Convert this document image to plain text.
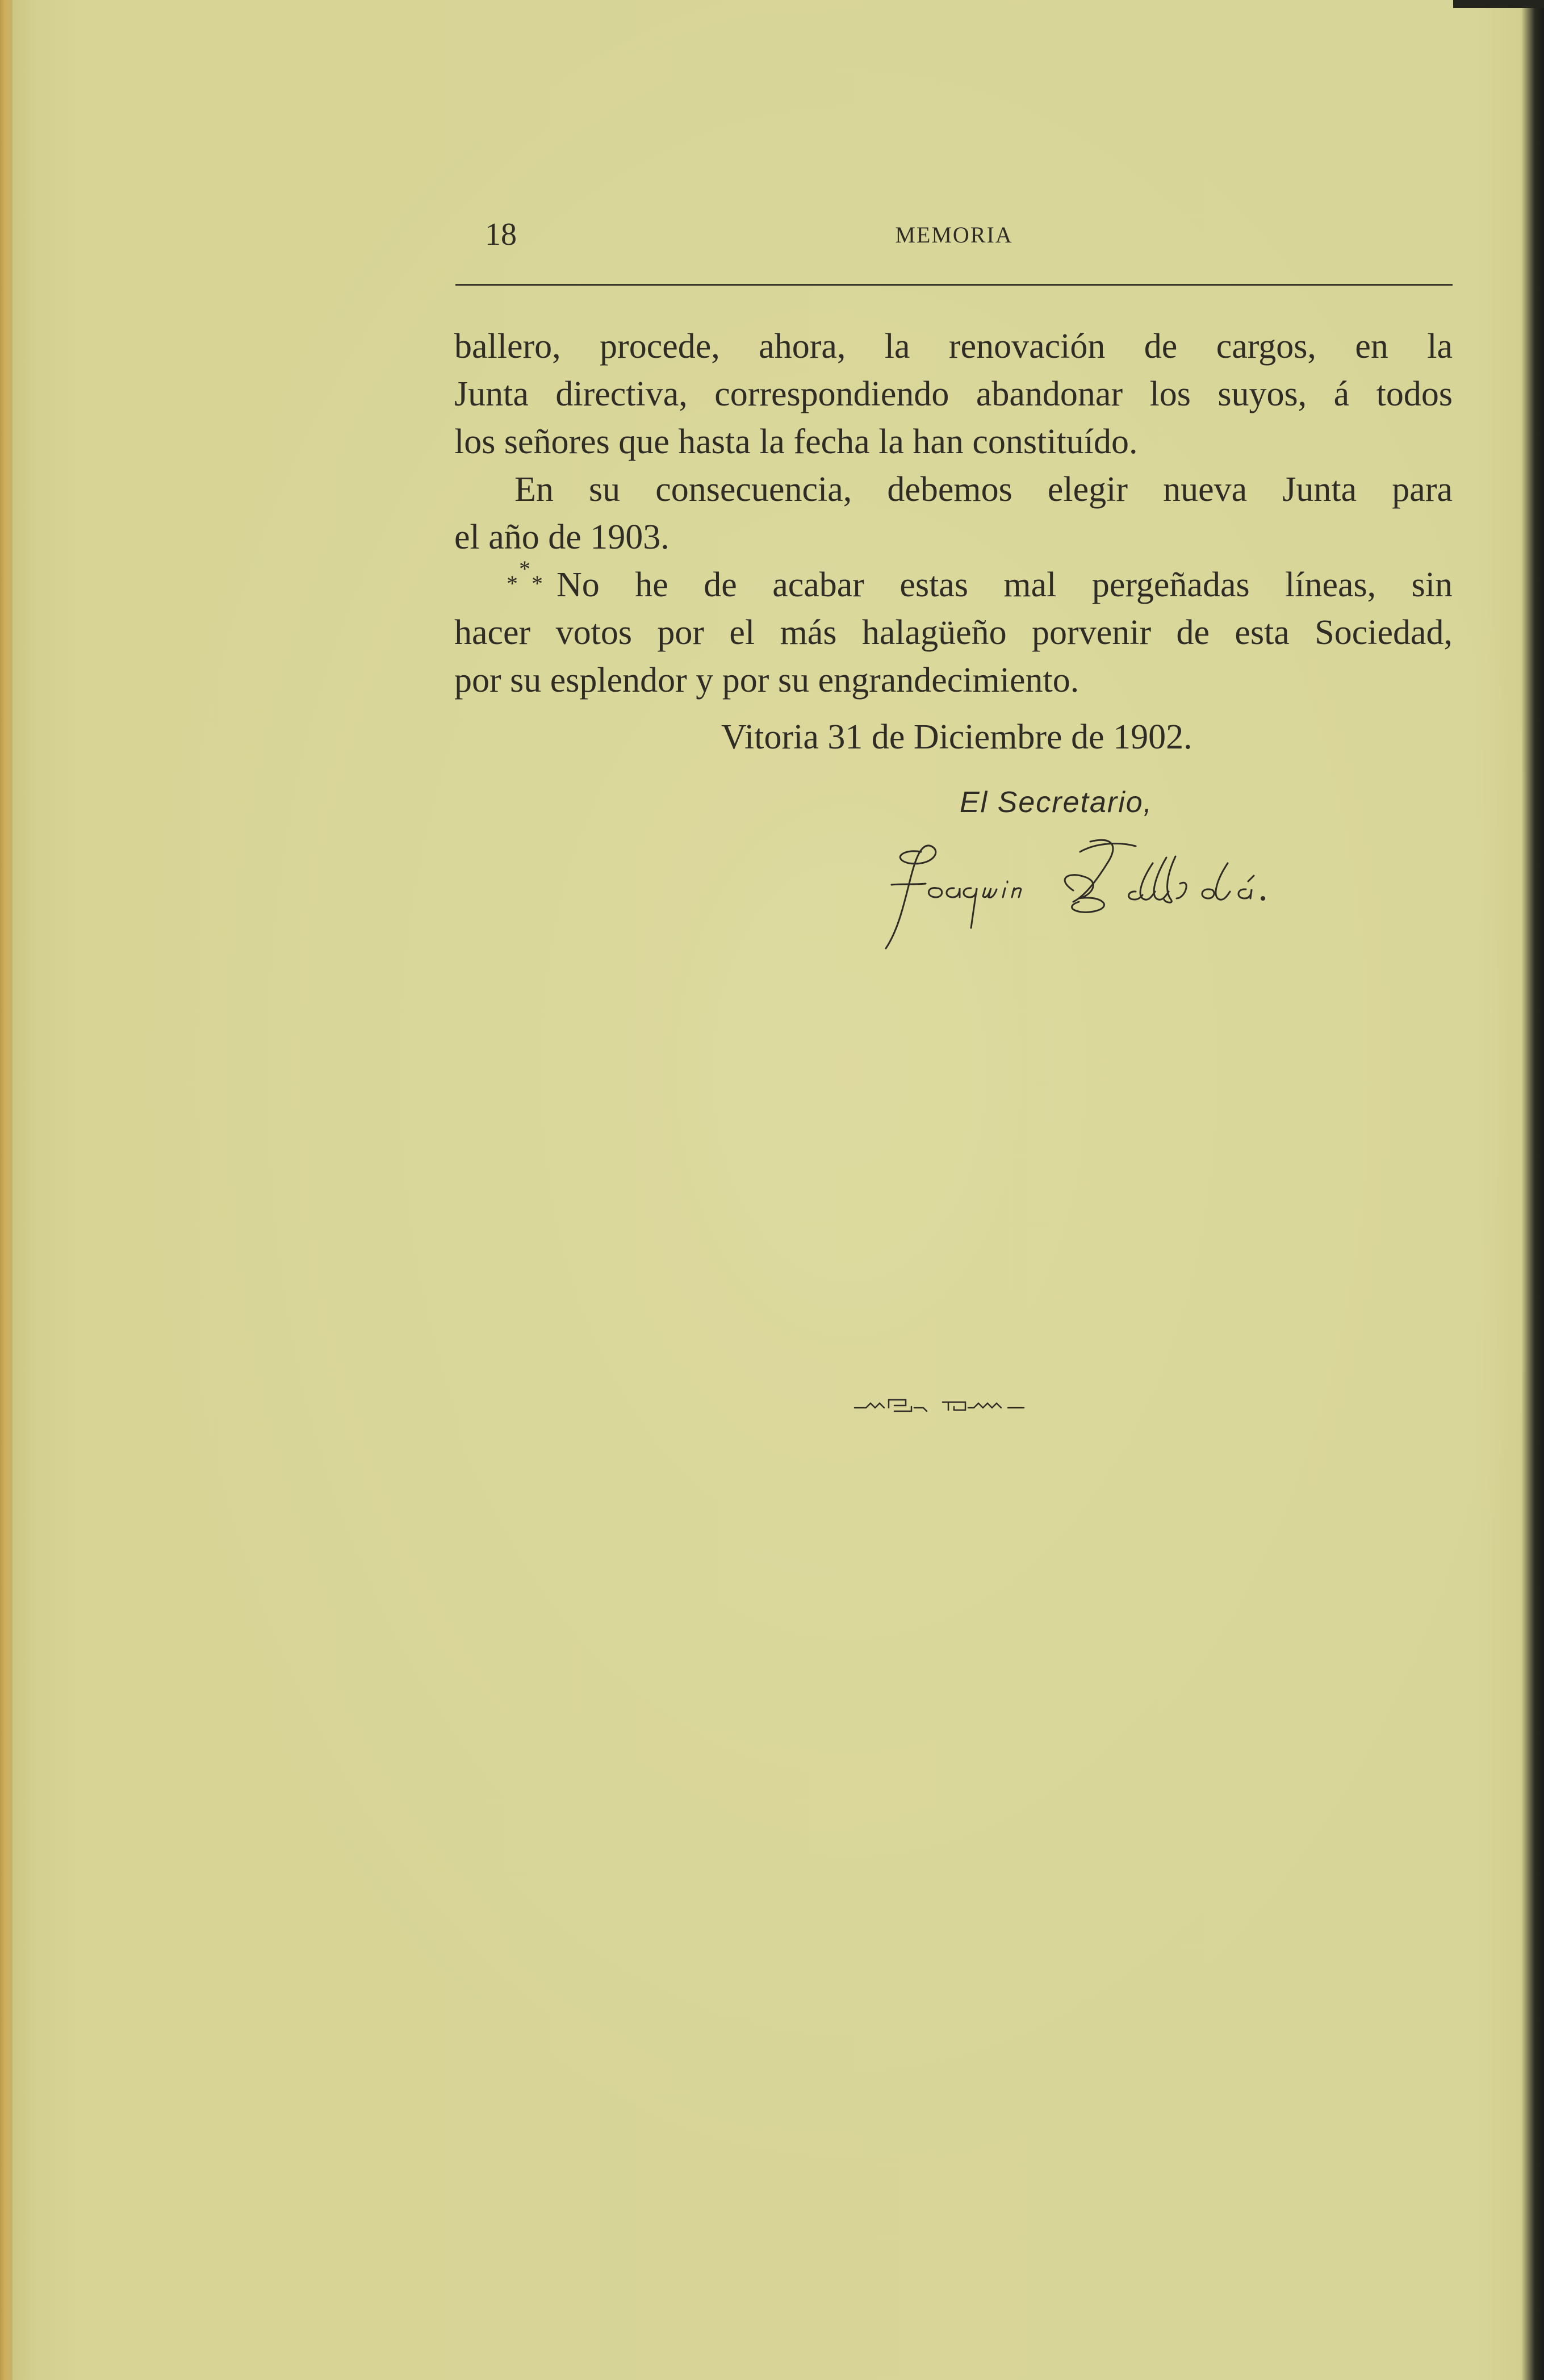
18	MEMORIA
ballero, procede, ahora, la renovación de cargos, en la
Junta directiva, correspondiendo abandonar los suyos, á todos
los señores que hasta la fecha la han constituído.
En su consecuencia, debemos elegir nueva Junta para
el año de 1903.
*
* * No he de acabar estas mal pergeñadas líneas, sin
hacer votos por el más halagüeño porvenir de esta Sociedad,
por su esplendor y por su engrandecimiento.
Vitoria 31 de Diciembre de 1902.
El Secretario,
